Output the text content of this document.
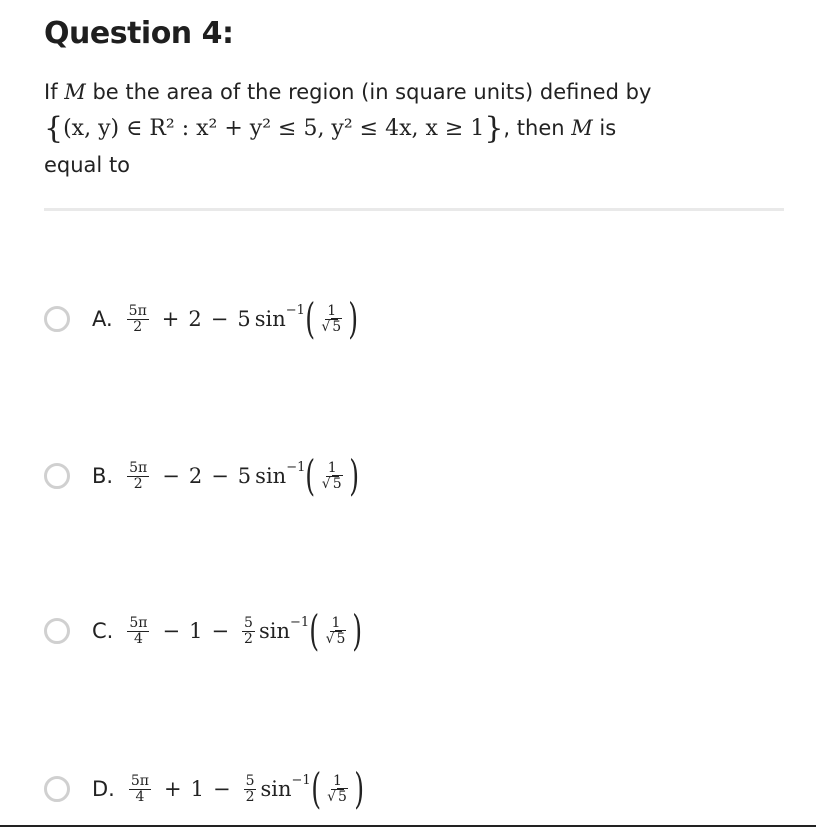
Question 4:
If M be the area of the region (in square units) defined by
{(x, y) ∈ R² : x² + y² ≤ 5, y² ≤ 4x, x ≥ 1}, then M is
equal to
A. $\frac{5\pi}{2} + 2 - 5$ sin −1 ( $\frac{1}{√ 5}$ )
B. $\frac{5\pi}{2} - 2 - 5$ sin −1 ( $\frac{1}{√ 5}$ )
C. $\frac{5\pi}{4} - 1 - \frac{5}{2}$ sin −1 ( $\frac{1}{√ 5}$ )
D. $\frac{5\pi}{4} + 1 - \frac{5}{2}$ sin −1 ( $\frac{1}{√ 5}$ )
